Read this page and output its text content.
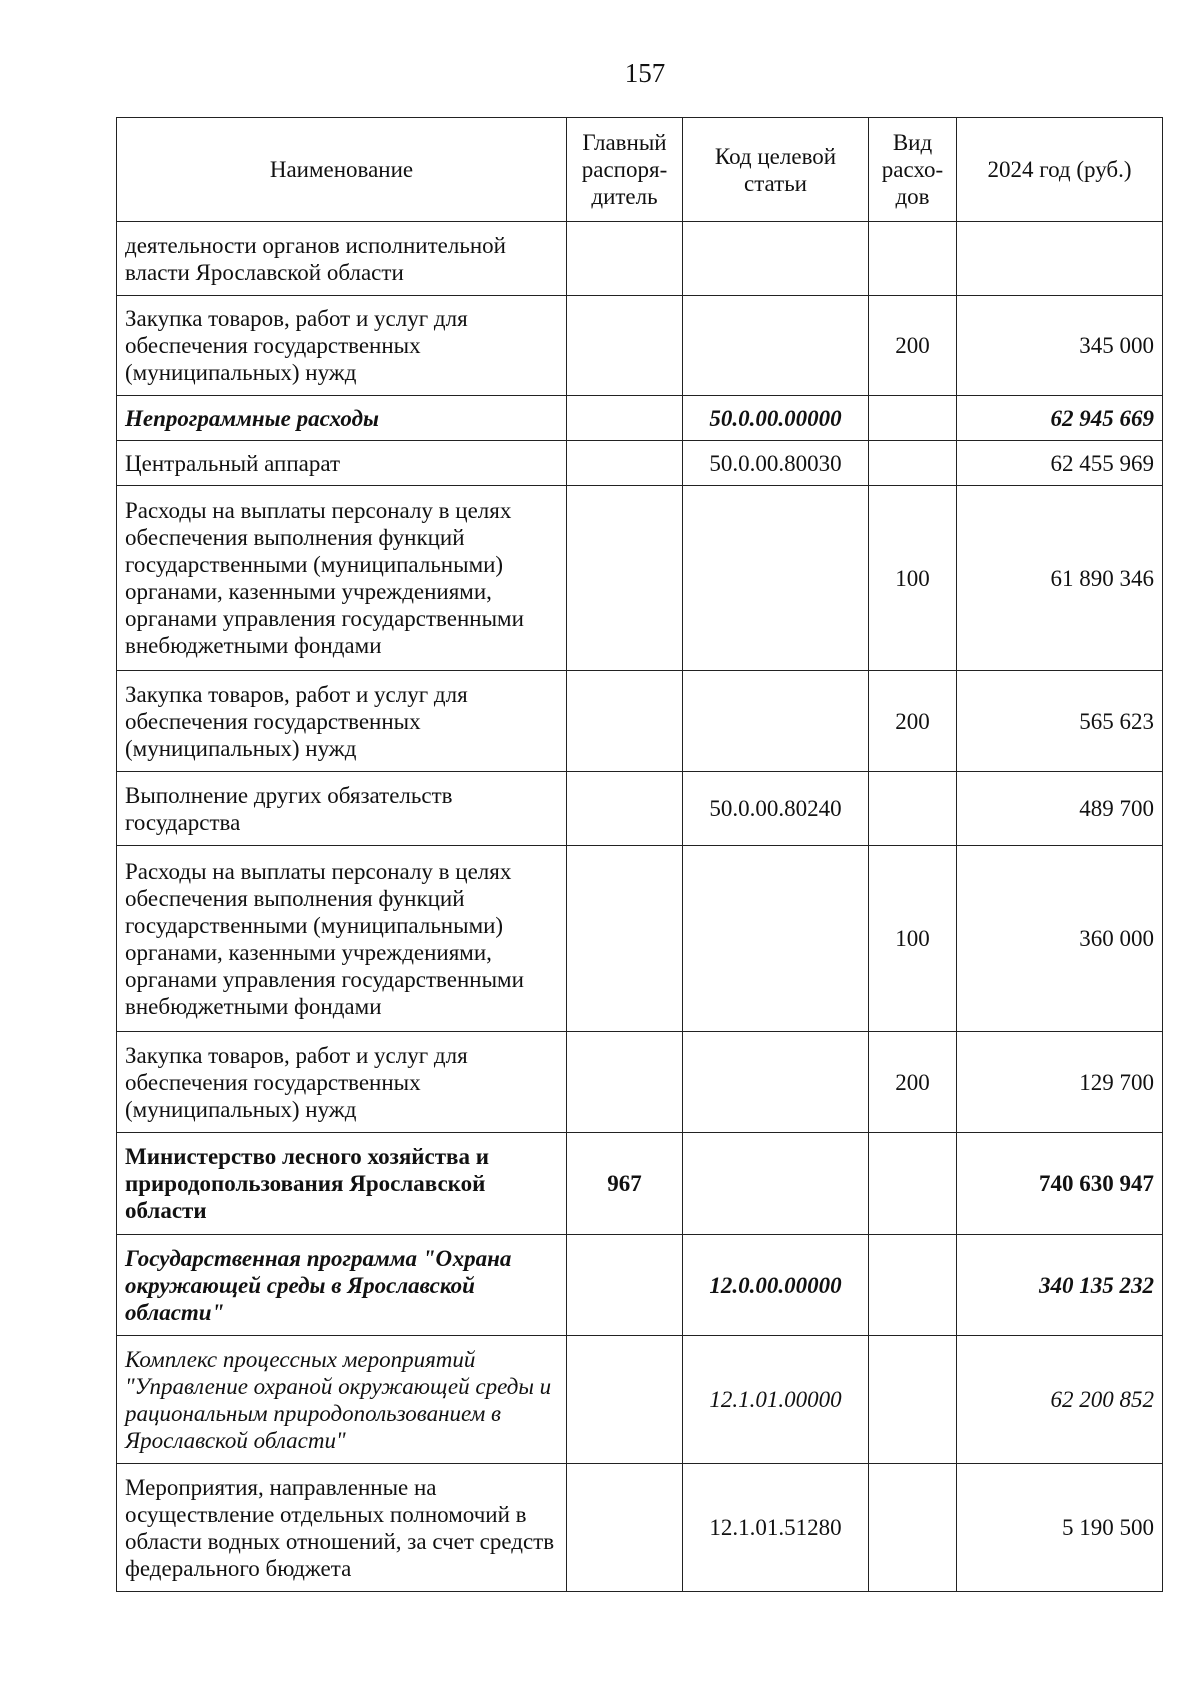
157
Наименование	Главный распоря-дитель	Код целевой статьи	Вид расхо-дов	2024 год (руб.)
деятельности органов исполнительной власти Ярославской области				
Закупка товаров, работ и услуг для обеспечения государственных (муниципальных) нужд			200	345 000
Непрограммные расходы		50.0.00.00000		62 945 669
Центральный аппарат		50.0.00.80030		62 455 969
Расходы на выплаты персоналу в целях обеспечения выполнения функций государственными (муниципальными) органами, казенными учреждениями, органами управления государственными внебюджетными фондами			100	61 890 346
Закупка товаров, работ и услуг для обеспечения государственных (муниципальных) нужд			200	565 623
Выполнение других обязательств государства		50.0.00.80240		489 700
Расходы на выплаты персоналу в целях обеспечения выполнения функций государственными (муниципальными) органами, казенными учреждениями, органами управления государственными внебюджетными фондами			100	360 000
Закупка товаров, работ и услуг для обеспечения государственных (муниципальных) нужд			200	129 700
Министерство лесного хозяйства и природопользования Ярославской области	967			740 630 947
Государственная программа "Охрана окружающей среды в Ярославской области"		12.0.00.00000		340 135 232
Комплекс процессных мероприятий "Управление охраной окружающей среды и рациональным природопользованием в Ярославской области"		12.1.01.00000		62 200 852
Мероприятия, направленные на осуществление отдельных полномочий в области водных отношений, за счет средств федерального бюджета		12.1.01.51280		5 190 500
